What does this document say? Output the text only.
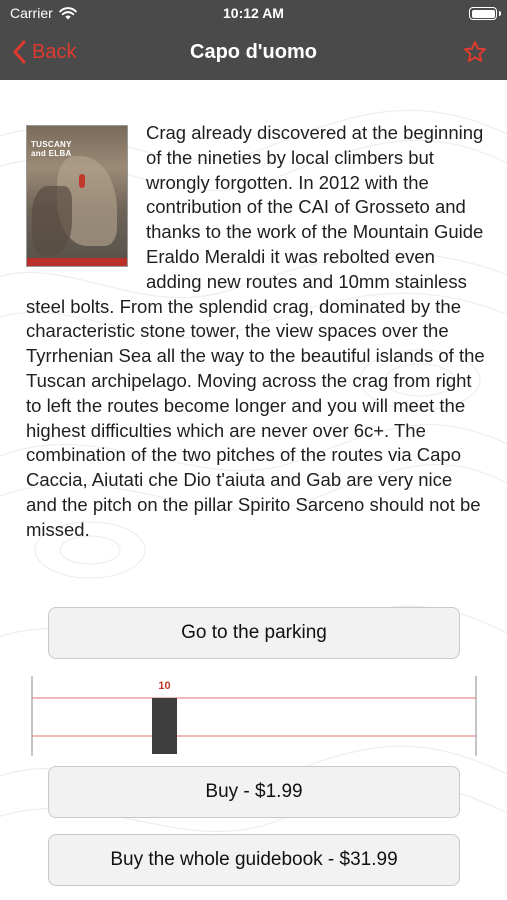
Carrier	10:12 AM
Back	Capo d'uomo
TUSCANY
and ELBA
Crag already discovered at the beginning of the nineties by local climbers but wrongly forgotten. In 2012 with the contribution of the CAI of Grosseto and thanks to the work of the Mountain Guide Eraldo Meraldi it was rebolted even adding new routes and 10mm stainless steel bolts. From the splendid crag, dominated by the characteristic stone tower, the view spaces over the Tyrrhenian Sea all the way to the beautiful islands of the Tuscan archipelago. Moving across the crag from right to left the routes become longer and you will meet the highest difficulties which are never over 6c+. The combination of the two pitches of the routes via Capo Caccia, Aiutati che Dio t'aiuta and Gab are very nice and the pitch on the pillar Spirito Sarceno should not be missed.
Go to the parking
10
Buy - $1.99
Buy the whole guidebook - $31.99
